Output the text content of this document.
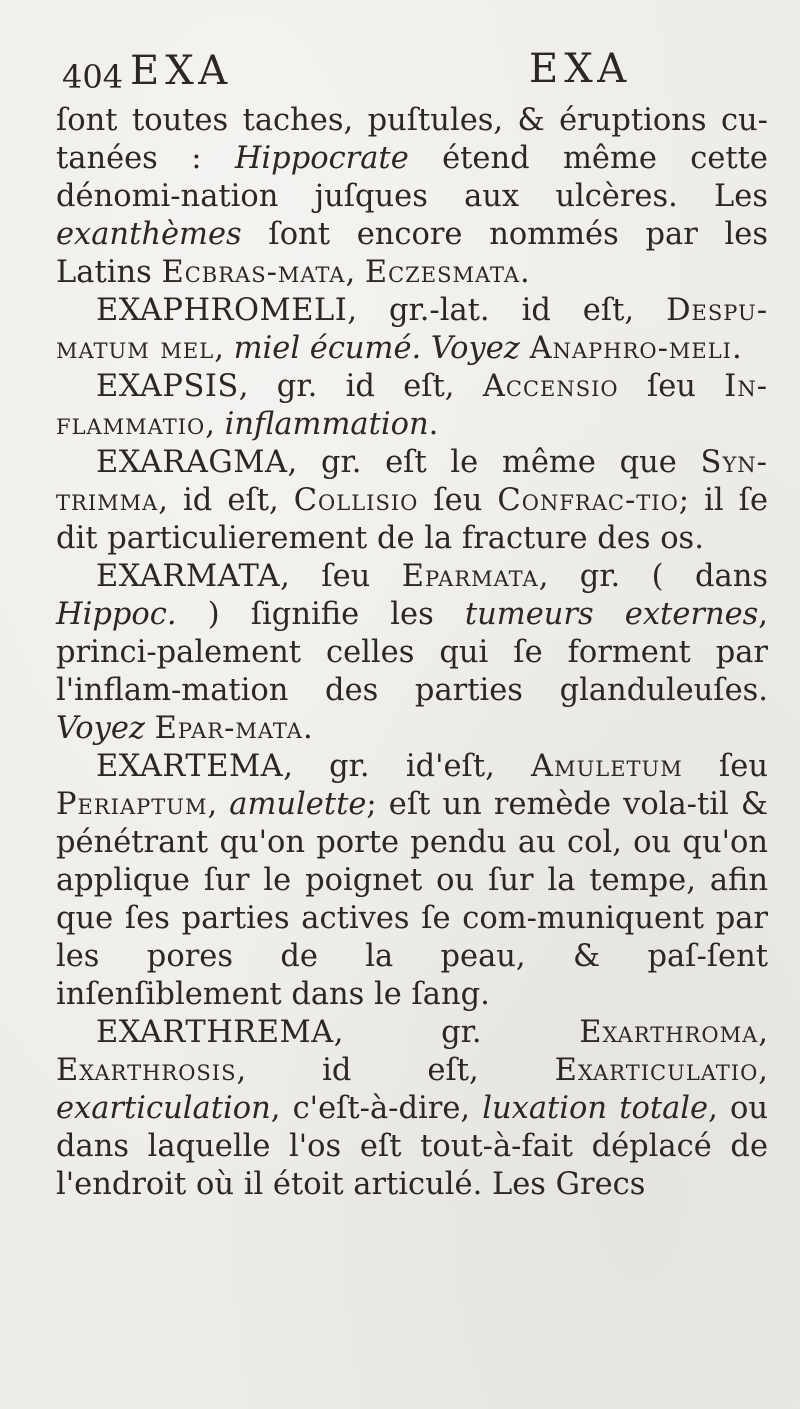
404 EXA	EXA

ſont toutes taches, puſtules, & éruptions cu-tanées : Hippocrate étend même cette dénomi-nation juſques aux ulcères. Les exanthèmes ſont encore nommés par les Latins Ecbras-mata, Eczesmata.

EXAPHROMELI, gr.-lat. id eſt, Despu-matum mel, miel écumé. Voyez Anaphro-meli.

EXAPSIS, gr. id eſt, Accensio ſeu In-flammatio, inflammation.

EXARAGMA, gr. eſt le même que Syn-trimma, id eſt, Collisio ſeu Confrac-tio; il ſe dit particulierement de la fracture des os.

EXARMATA, ſeu Eparmata, gr. ( dans Hippoc. ) ſignifie les tumeurs externes, princi-palement celles qui ſe forment par l'inflam-mation des parties glanduleuſes. Voyez Epar-mata.

EXARTEMA, gr. id'eſt, Amuletum ſeu Periaptum, amulette; eſt un remède vola-til & pénétrant qu'on porte pendu au col, ou qu'on applique ſur le poignet ou ſur la tempe, afin que ſes parties actives ſe com-muniquent par les pores de la peau, & paſ-ſent inſenſiblement dans le ſang.

EXARTHREMA, gr. Exarthroma, Exarthrosis, id eſt, Exarticulatio, exarticulation, c'eſt-à-dire, luxation totale, ou dans laquelle l'os eſt tout-à-fait déplacé de l'endroit où il étoit articulé. Les Grecs
